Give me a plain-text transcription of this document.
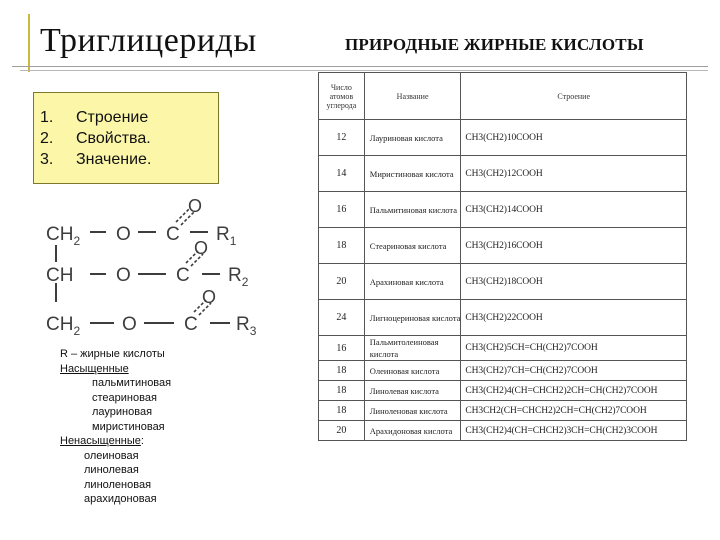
Триглицериды
1. Строение
2. Свойства.
3. Значение.
$CH_2$ O C
O
$R_1$
CH O C
O
$R_2$
$CH_2$ O C
O
$R_3$
R – жирные кислоты
Насыщенные
пальмитиновая
стеариновая
лауриновая
миристиновая
Ненасыщенные:
олеиновая
линолевая
линоленовая
арахидоновая
ПРИРОДНЫЕ ЖИРНЫЕ КИСЛОТЫ
Число атомов углерода	Название	Строение
12	Лауриновая кислота	CH3(CH2)10COOH
14	Миристиновая кислота	CH3(CH2)12COOH
16	Пальмитиновая кислота	CH3(CH2)14COOH
18	Стеариновая кислота	CH3(CH2)16COOH
20	Арахиновая кислота	CH3(CH2)18COOH
24	Лигноцериновая кислота	CH3(CH2)22COOH
16	Пальмитолеиновая кислота	CH3(CH2)5CH=CH(CH2)7COOH
18	Олеиновая кислота	CH3(CH2)7CH=CH(CH2)7COOH
18	Линолевая кислота	CH3(CH2)4(CH=CHCH2)2CH=CH(CH2)7COOH
18	Линоленовая кислота	CH3CH2(CH=CHCH2)2CH=CH(CH2)7COOH
20	Арахидоновая кислота	CH3(CH2)4(CH=CHCH2)3CH=CH(CH2)3COOH
